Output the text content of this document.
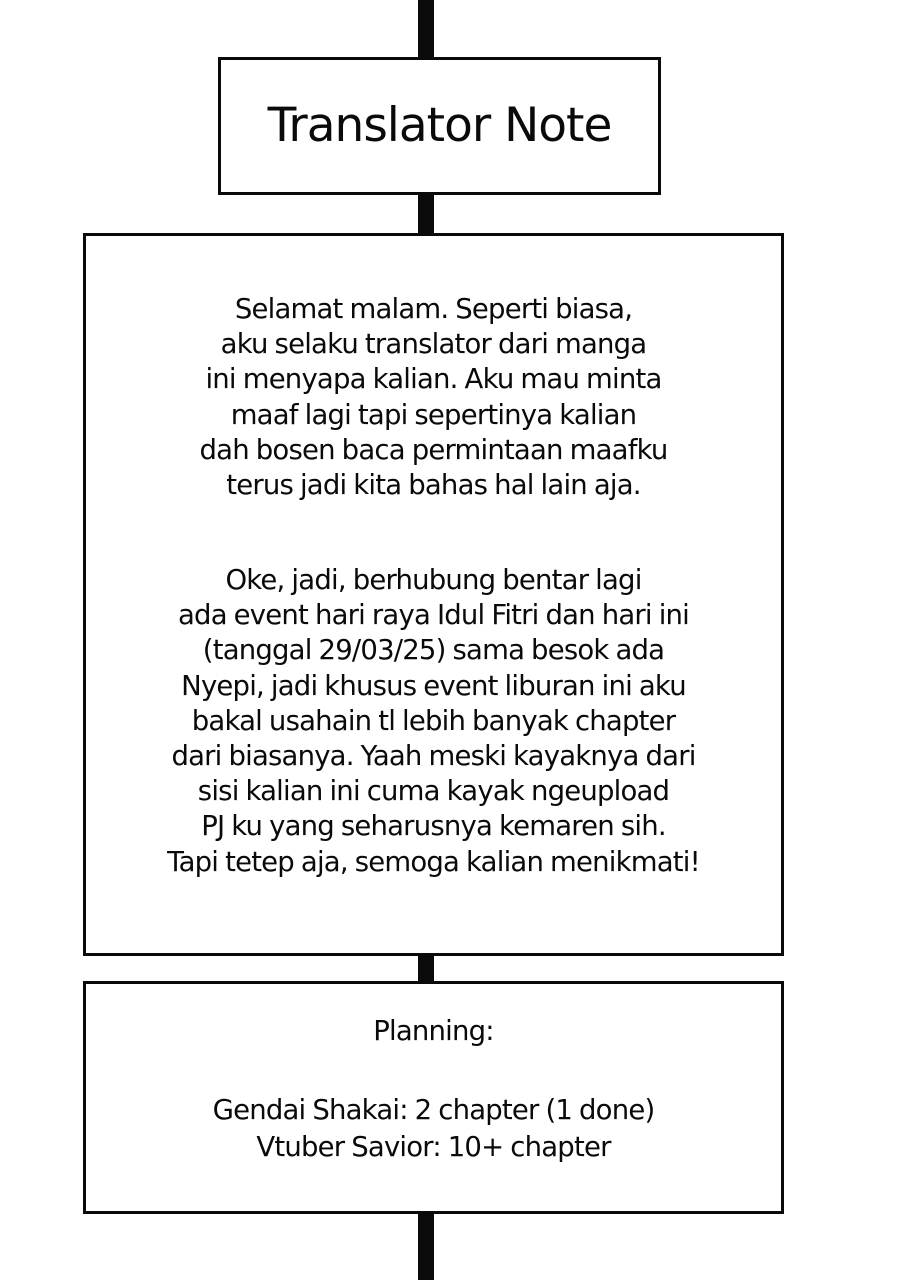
Translator Note
Selamat malam. Seperti biasa,
aku selaku translator dari manga
ini menyapa kalian. Aku mau minta
maaf lagi tapi sepertinya kalian
dah bosen baca permintaan maafku
terus jadi kita bahas hal lain aja.
Oke, jadi, berhubung bentar lagi
ada event hari raya Idul Fitri dan hari ini
(tanggal 29/03/25) sama besok ada
Nyepi, jadi khusus event liburan ini aku
bakal usahain tl lebih banyak chapter
dari biasanya. Yaah meski kayaknya dari
sisi kalian ini cuma kayak ngeupload
PJ ku yang seharusnya kemaren sih.
Tapi tetep aja, semoga kalian menikmati!
Planning:
Gendai Shakai: 2 chapter (1 done)
Vtuber Savior: 10+ chapter
